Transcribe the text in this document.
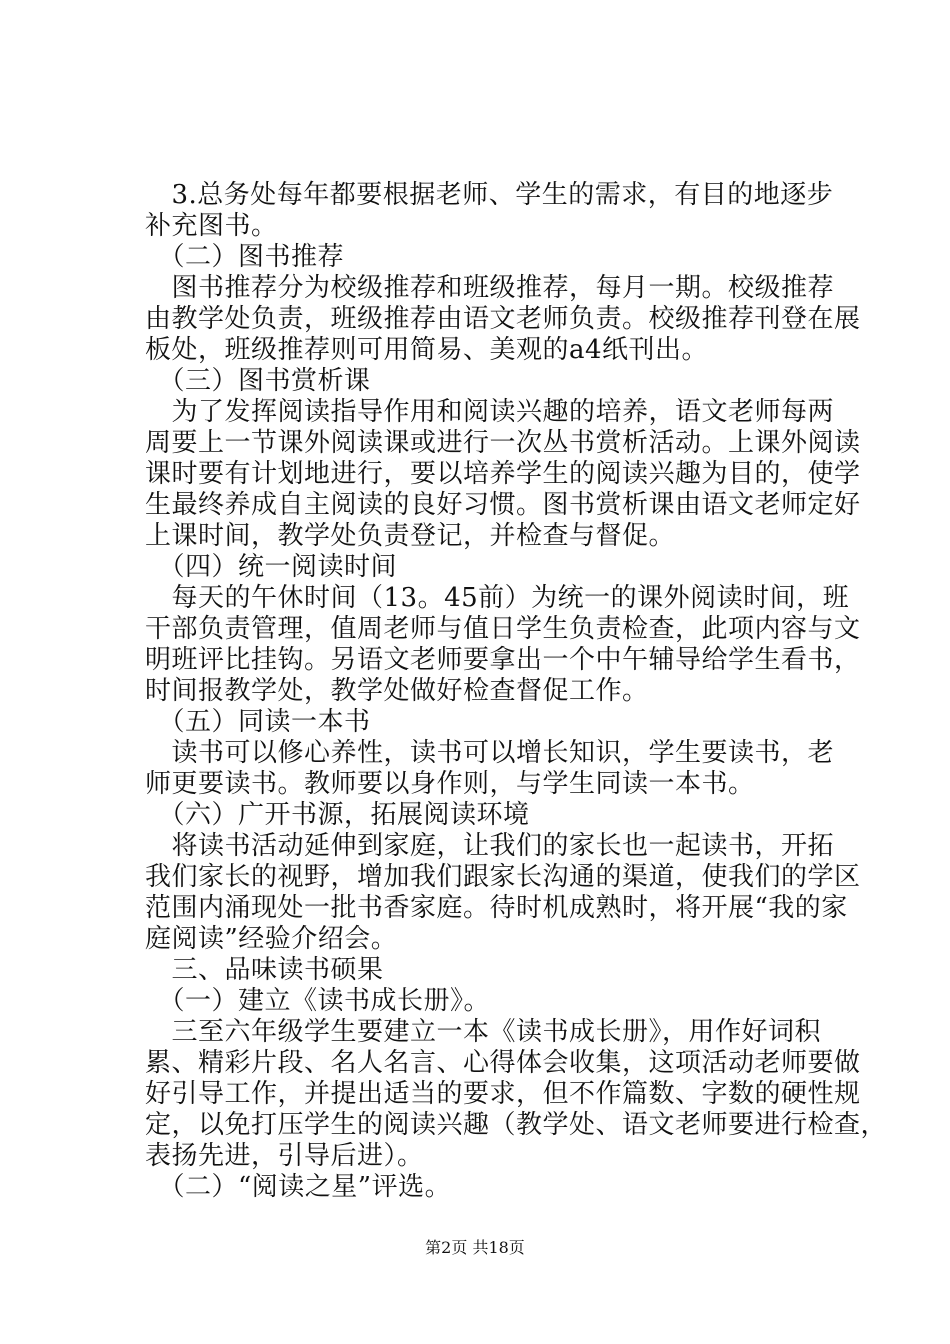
　3.总务处每年都要根据老师、学生的需求，有目的地逐步
补充图书。
　（二）图书推荐
　图书推荐分为校级推荐和班级推荐，每月一期。校级推荐
由教学处负责，班级推荐由语文老师负责。校级推荐刊登在展
板处，班级推荐则可用简易、美观的a4纸刊出。
　（三）图书赏析课
　为了发挥阅读指导作用和阅读兴趣的培养，语文老师每两
周要上一节课外阅读课或进行一次丛书赏析活动。上课外阅读
课时要有计划地进行，要以培养学生的阅读兴趣为目的，使学
生最终养成自主阅读的良好习惯。图书赏析课由语文老师定好
上课时间，教学处负责登记，并检查与督促。
　（四）统一阅读时间
　每天的午休时间（13。45前）为统一的课外阅读时间，班
干部负责管理，值周老师与值日学生负责检查，此项内容与文
明班评比挂钩。另语文老师要拿出一个中午辅导给学生看书，
时间报教学处，教学处做好检查督促工作。
　（五）同读一本书
　读书可以修心养性，读书可以增长知识，学生要读书，老
师更要读书。教师要以身作则，与学生同读一本书。
　（六）广开书源，拓展阅读环境
　将读书活动延伸到家庭，让我们的家长也一起读书，开拓
我们家长的视野，增加我们跟家长沟通的渠道，使我们的学区
范围内涌现处一批书香家庭。待时机成熟时，将开展“我的家
庭阅读”经验介绍会。
　三、品味读书硕果
　（一）建立《读书成长册》。
　三至六年级学生要建立一本《读书成长册》，用作好词积
累、精彩片段、名人名言、心得体会收集，这项活动老师要做
好引导工作，并提出适当的要求，但不作篇数、字数的硬性规
定，以免打压学生的阅读兴趣（教学处、语文老师要进行检查，
表扬先进，引导后进）。
　（二）“阅读之星”评选。
第2页 共18页
